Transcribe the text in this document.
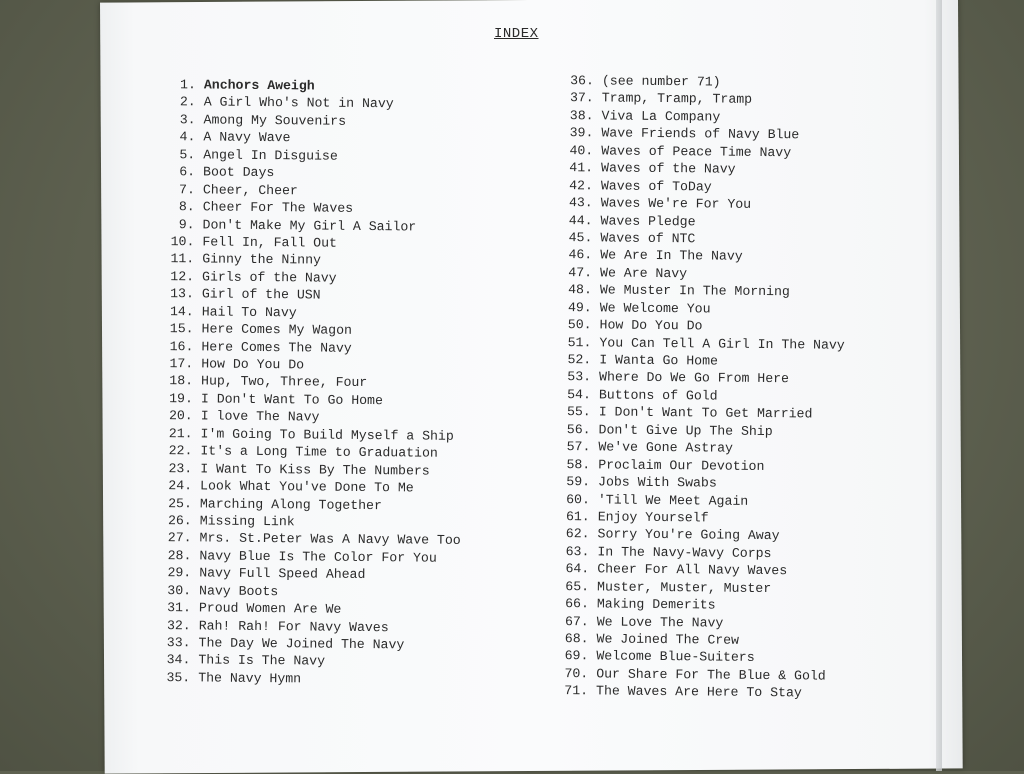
INDEX
1. Anchors Aweigh
2. A Girl Who's Not in Navy
3. Among My Souvenirs
4. A Navy Wave
5. Angel In Disguise
6. Boot Days
7. Cheer, Cheer
8. Cheer For The Waves
9. Don't Make My Girl A Sailor
10. Fell In, Fall Out
11. Ginny the Ninny
12. Girls of the Navy
13. Girl of the USN
14. Hail To Navy
15. Here Comes My Wagon
16. Here Comes The Navy
17. How Do You Do
18. Hup, Two, Three, Four
19. I Don't Want To Go Home
20. I love The Navy
21. I'm Going To Build Myself a Ship
22. It's a Long Time to Graduation
23. I Want To Kiss By The Numbers
24. Look What You've Done To Me
25. Marching Along Together
26. Missing Link
27. Mrs. St.Peter Was A Navy Wave Too
28. Navy Blue Is The Color For You
29. Navy Full Speed Ahead
30. Navy Boots
31. Proud Women Are We
32. Rah! Rah! For Navy Waves
33. The Day We Joined The Navy
34. This Is The Navy
35. The Navy Hymn
36. (see number 71)
37. Tramp, Tramp, Tramp
38. Viva La Company
39. Wave Friends of Navy Blue
40. Waves of Peace Time Navy
41. Waves of the Navy
42. Waves of ToDay
43. Waves We're For You
44. Waves Pledge
45. Waves of NTC
46. We Are In The Navy
47. We Are Navy
48. We Muster In The Morning
49. We Welcome You
50. How Do You Do
51. You Can Tell A Girl In The Navy
52. I Wanta Go Home
53. Where Do We Go From Here
54. Buttons of Gold
55. I Don't Want To Get Married
56. Don't Give Up The Ship
57. We've Gone Astray
58. Proclaim Our Devotion
59. Jobs With Swabs
60. 'Till We Meet Again
61. Enjoy Yourself
62. Sorry You're Going Away
63. In The Navy-Wavy Corps
64. Cheer For All Navy Waves
65. Muster, Muster, Muster
66. Making Demerits
67. We Love The Navy
68. We Joined The Crew
69. Welcome Blue-Suiters
70. Our Share For The Blue & Gold
71. The Waves Are Here To Stay
